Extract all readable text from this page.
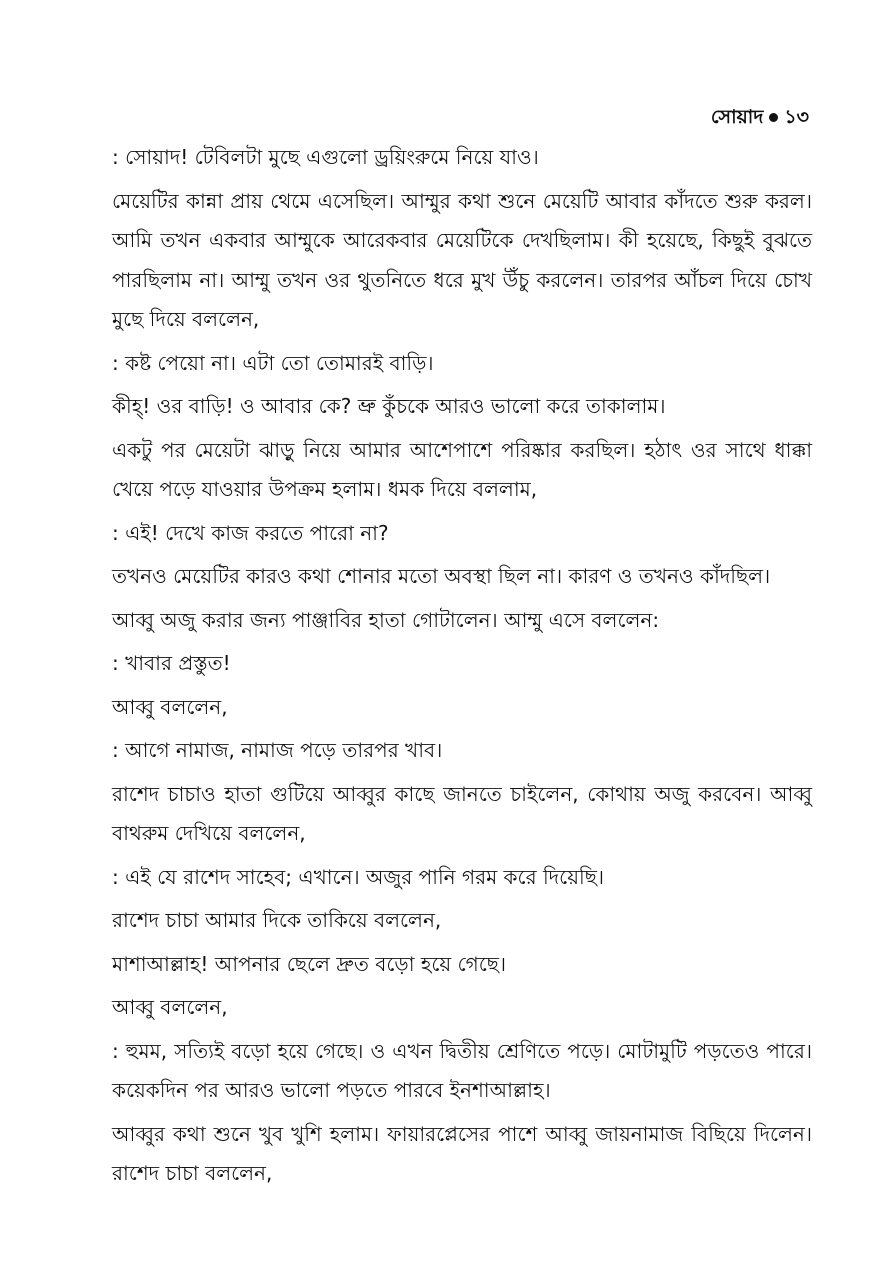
সোয়াদ ১৩

: সোয়াদ! টেবিলটা মুছে এগুলো ড্রয়িংরুমে নিয়ে যাও।

মেয়েটির কান্না প্রায় থেমে এসেছিল। আম্মুর কথা শুনে মেয়েটি আবার কাঁদতে শুরু করল। আমি তখন একবার আম্মুকে আরেকবার মেয়েটিকে দেখছিলাম। কী হয়েছে, কিছুই বুঝতে পারছিলাম না। আম্মু তখন ওর থুতনিতে ধরে মুখ উঁচু করলেন। তারপর আঁচল দিয়ে চোখ মুছে দিয়ে বললেন,

: কষ্ট পেয়ো না। এটা তো তোমারই বাড়ি।

কীহ্! ওর বাড়ি! ও আবার কে? ভ্রু কুঁচকে আরও ভালো করে তাকালাম।

একটু পর মেয়েটা ঝাড়ু নিয়ে আমার আশেপাশে পরিষ্কার করছিল। হঠাৎ ওর সাথে ধাক্কা খেয়ে পড়ে যাওয়ার উপক্রম হলাম। ধমক দিয়ে বললাম,

: এই! দেখে কাজ করতে পারো না?

তখনও মেয়েটির কারও কথা শোনার মতো অবস্থা ছিল না। কারণ ও তখনও কাঁদছিল।

আব্বু অজু করার জন্য পাঞ্জাবির হাতা গোটালেন। আম্মু এসে বললেন:

: খাবার প্রস্তুত!

আব্বু বললেন,

: আগে নামাজ, নামাজ পড়ে তারপর খাব।

রাশেদ চাচাও হাতা গুটিয়ে আব্বুর কাছে জানতে চাইলেন, কোথায় অজু করবেন। আব্বু বাথরুম দেখিয়ে বললেন,

: এই যে রাশেদ সাহেব; এখানে। অজুর পানি গরম করে দিয়েছি।

রাশেদ চাচা আমার দিকে তাকিয়ে বললেন,

মাশাআল্লাহ! আপনার ছেলে দ্রুত বড়ো হয়ে গেছে।

আব্বু বললেন,

: হুমম, সত্যিই বড়ো হয়ে গেছে। ও এখন দ্বিতীয় শ্রেণিতে পড়ে। মোটামুটি পড়তেও পারে। কয়েকদিন পর আরও ভালো পড়তে পারবে ইনশাআল্লাহ।

আব্বুর কথা শুনে খুব খুশি হলাম। ফায়ারপ্লেসের পাশে আব্বু জায়নামাজ বিছিয়ে দিলেন। রাশেদ চাচা বললেন,
